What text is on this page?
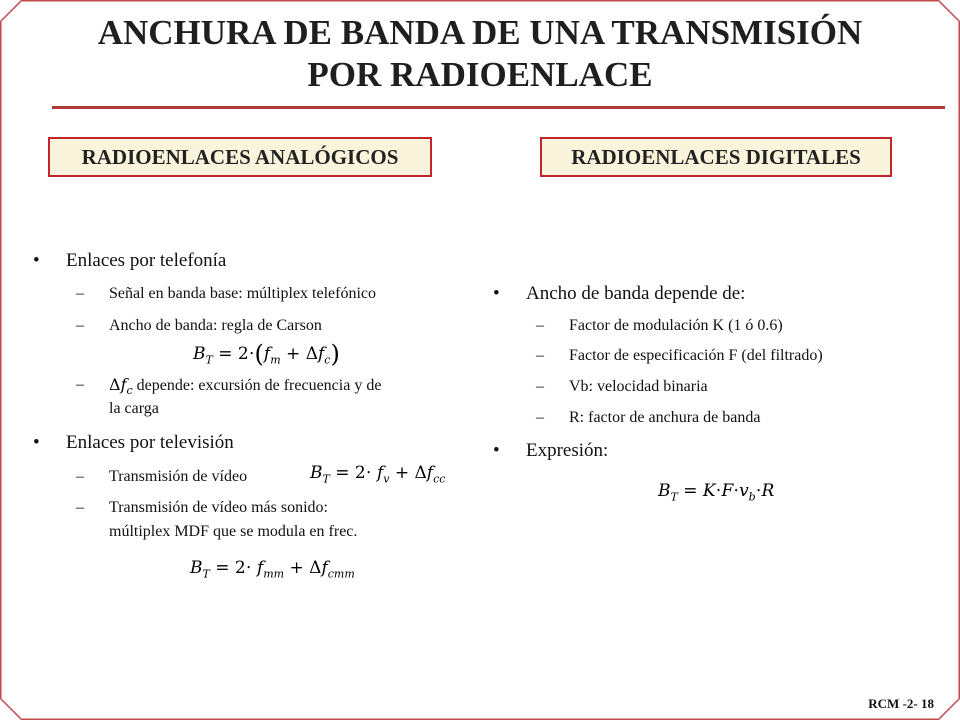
ANCHURA DE BANDA DE UNA TRANSMISIÓN
POR RADIOENLACE
RADIOENLACES ANALÓGICOS	RADIOENLACES DIGITALES
• Enlaces por telefonía
– Señal en banda base: múltiplex telefónico
– Ancho de banda: regla de Carson
$B_T = 2\cdot(f_m + \Delta f_c)$
– $\Delta f_c$ depende: excursión de frecuencia y de
la carga
• Enlaces por televisión
– Transmisión de vídeo	$B_T = 2\cdot f_v + \Delta f_{cc}$
– Transmisión de vídeo más sonido:
múltiplex MDF que se modula en frec.
$B_T = 2\cdot f_{mm} + \Delta f_{cmm}$
• Ancho de banda depende de:
– Factor de modulación K (1 ó 0.6)
– Factor de especificación F (del filtrado)
– Vb: velocidad binaria
– R: factor de anchura de banda
• Expresión:
$B_T = K\cdot F\cdot v_b\cdot R$
RCM -2- 18
